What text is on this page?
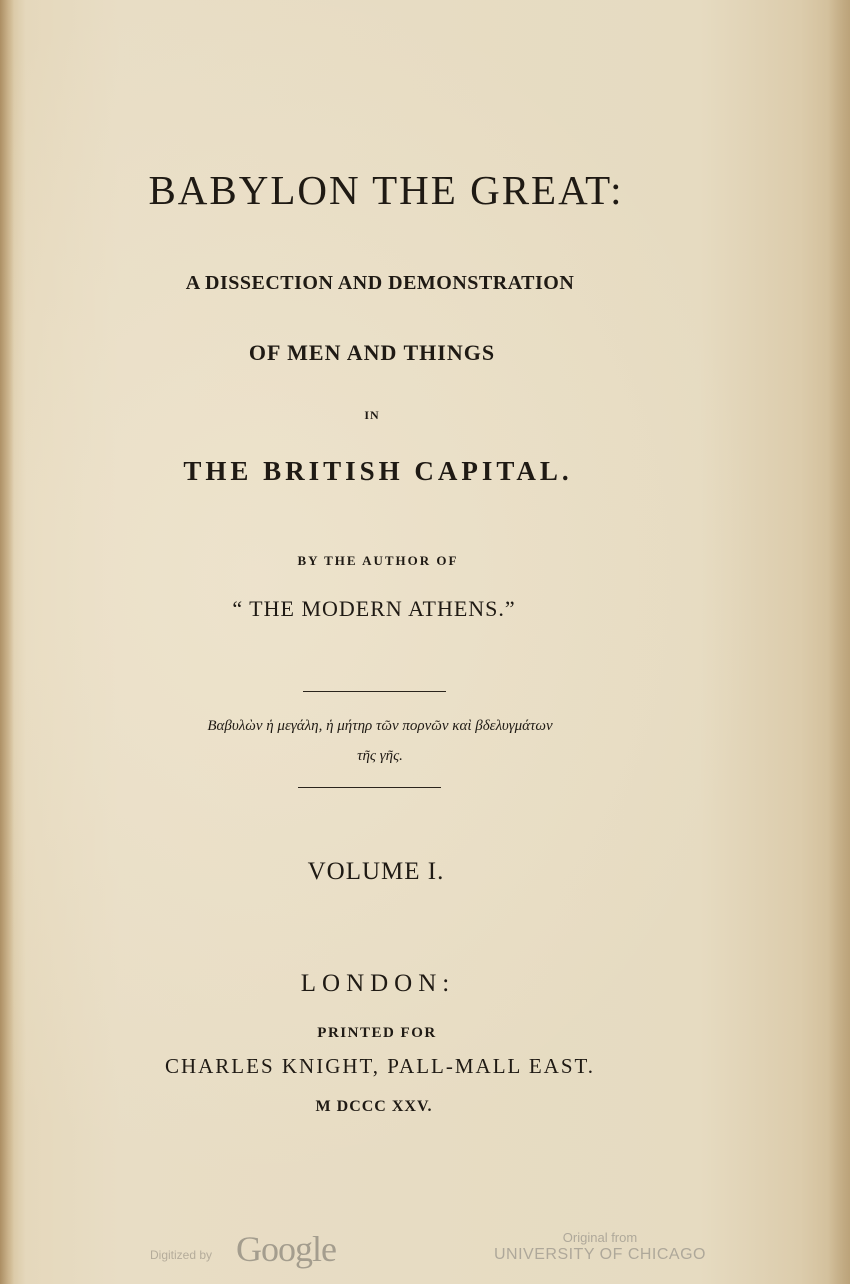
BABYLON THE GREAT:

A DISSECTION AND DEMONSTRATION

OF MEN AND THINGS

IN

THE BRITISH CAPITAL.

BY THE AUTHOR OF

“ THE MODERN ATHENS.”

Βαβυλὼν ἡ μεγάλη, ἡ μήτηρ τῶν πορνῶν καὶ βδελυγμάτων

τῆς γῆς.

VOLUME I.

LONDON:

PRINTED FOR

CHARLES KNIGHT, PALL-MALL EAST.

M DCCC XXV.

Digitized by Google	Original from
UNIVERSITY OF CHICAGO
